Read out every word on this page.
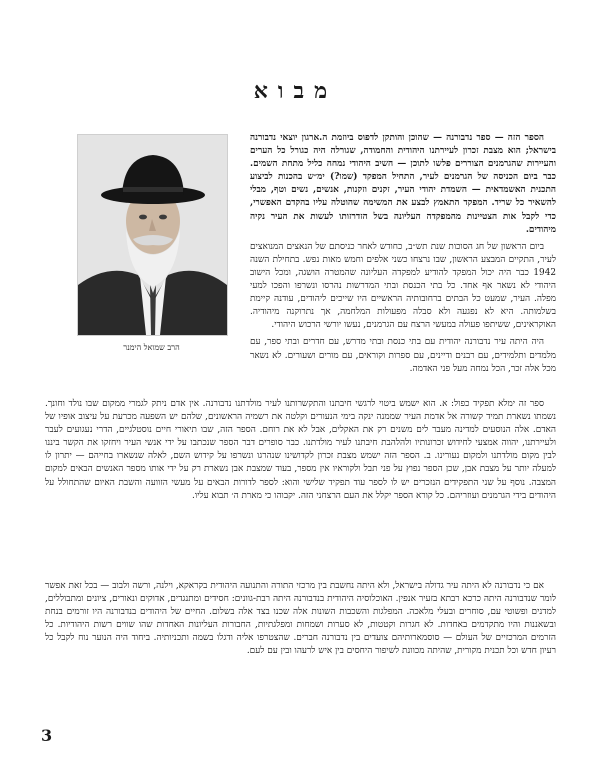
מבוא
הרב שמואל הימנר

הספר הזה — ספר נדבורנה — שהוכן והותקן לדפוס ביוזמת ה.ארגון יוצאי נדבורנה בישראל; הוא מצבת זכרון לעיירתנו היהודית והחמודה, שגורלה היה כגורל כל הערים והעיירות שהגרמנים הצוררים פלשו לתוכן — השיב היהודי נמחה כליל מתחת השמים. כבר ביום הכניסה של הגרמנים לעיר, התחיל המפקד (שמו?) ימ״ש בהכנות לביצוע התכנית האשמדאית — השמדת יהודי העיר, זקנים וזקנות, אנשים, נשים וטף, מבלי להשאיר כל שריד. המפקד התאמץ לבצע את המשימה שהוטלה עליו בהקדם האפשרי, כדי לקבל אות הצטיינות מהמפקדה העליונה בשל הזדרזותו לעשות את העיר נקיה מיהודים.

ביום הראשון של חג הסוכות שנת תש״ב, כחודש לאחר כניסתם של הנאצים המנואצים לעיר, התקיים המבצע הראשון, שבו נרצחו כשני אלפים וחמש מאות נפש. בתחילת השנה 1942 כבר היה יכול המפקד להודיע למפקדה העליונה שהמטרה הושגה, ומכל הישוב היהודי לא נשאר אף אחד. כל בתי הכנסת ובתי המדרשות נהרסו ונשרפו והפכו למעי מפלה. העיר, שמעט כל הבתים ברחובותיה הראשיים היו שייכים ליהודים, עודנה קיימת בשלמותה. היא לא נפגעה ולא סבלה מפעולות המלחמה, אך נתרוקנה מיהודיה. האוקראינים, ששיתפו פעולה במעשי הרצח עם הגרמנים, נעשו יורשי הרכוש היהודי.

היה היתה עיר נדבורנה יהודית עם בתי כנסת ובתי מדרש, עם חדרים ובתי ספר, עם מלמדים ותלמידים, עם רבנים ודיינים, עם ספרות וקוראים, עם מורים ושעורים. לא נשאר מכל אלה זכר, הכל נמחה מעל פני האדמה.

ספר זה ימלא תפקיד כפול: א. הוא ישמש ביטוי לרגשי חיבתנו והתקשרותנו לעיר מולדתנו נדבורנה. אין אדם ניתק לגמרי ממקום שבו נולד וחונך. נשמתו נשארת תמיד קשורה אל אדמת העיר שממנה ינקה בימי הנעורים וקלטה את רשמיה הראשונים, שלהם יש השפעה מכרעת על עיצוב אופיו של האדם. אלה הנוסעים למדינה מעבר לים משנים רק את האקלים, אבל לא את רוחם. הספר הזה, שבו תיאורי חיים נוסטלגיים, הדרי נעגועים לעבר ולעיירתנו, יהווה אמצעי לחידוש זכרונותיו ולהלהבת חיבתנו לעיר מולדתנו. כבר סופרים דבר הספר שנכתבו על ידי אנשי העיר ויחזקו את הקשר ביננו לבין מקום מולדתנו ולמקום נעורינו. ב. הספר הזה ישמש מצבת זכרון לקדושינו שנהרגו ונשרפו על קידוש השם, לאלה שנשארו בחייהם — יתרון לו למעלה יותר על מצבת אבן, שכן הספר נפוץ על פני תבל ולקוראיו אין מספר, בעוד שמצבת אבן נשארת רק על ידי אותו מספר האנשים הבאים למקום המצבה. נוסף על שני התפקידים הנזכרים יש לו לספר עוד תפקיד שלישי והוא: לספר לדורות הבאים על מעשי הזוועה והשבת האיום שהתחולל על היהודים בידי הגרמנים ועוזריהם. כל קורא הספר יקלל את העם הרצחני הזה. יקבוהו כי מארת ה׳ תבוא עליו.

אם כי נדבורנה לא היתה עיר גדולה בישראל, ולא היתה נחשבת בין מרכזי התורה והתנועה היהודית בקראקא, וילנה, ורשה ולבוב — בכל זאת אפשר לומר שנדבורנה היתה כרכא רבתא בזעיר אנפין. האוכלוסיה היהודית בנדבורנה היתה רבת-גוונים: חסידים ומתנגדים, אדוקים ונאורים, ציונים ומתבוללים, למדנים ופשוטי עם, סוחרים ובעלי מלאכה. המפלגות והשכבות השונות אלה שכנו בצד אלה בשלום. החיים של היהודים בנדבורנה היו זורמים בנחת ובשאננות והיו מתקדמים באחדות. לא חגרות וקטטות, לא סערות ושמחות ומפלגתיות, החבורות העליונות האחדות שהו שווים רשות היהודיות. כל הזרמים המרכזיים של העולם — סוסמארותיהם צועדים בין נדבורנה חברים. שהצטרפו אליה ודגלו בשמה ותכניותיה. ביחוד היה הנוער נוח לקבל כל רעיון חדש וכל תכנית מקורית, שהיתה מכוונת לשיפור היחסים בין איש לרעהו ובין עם לעם.

3
